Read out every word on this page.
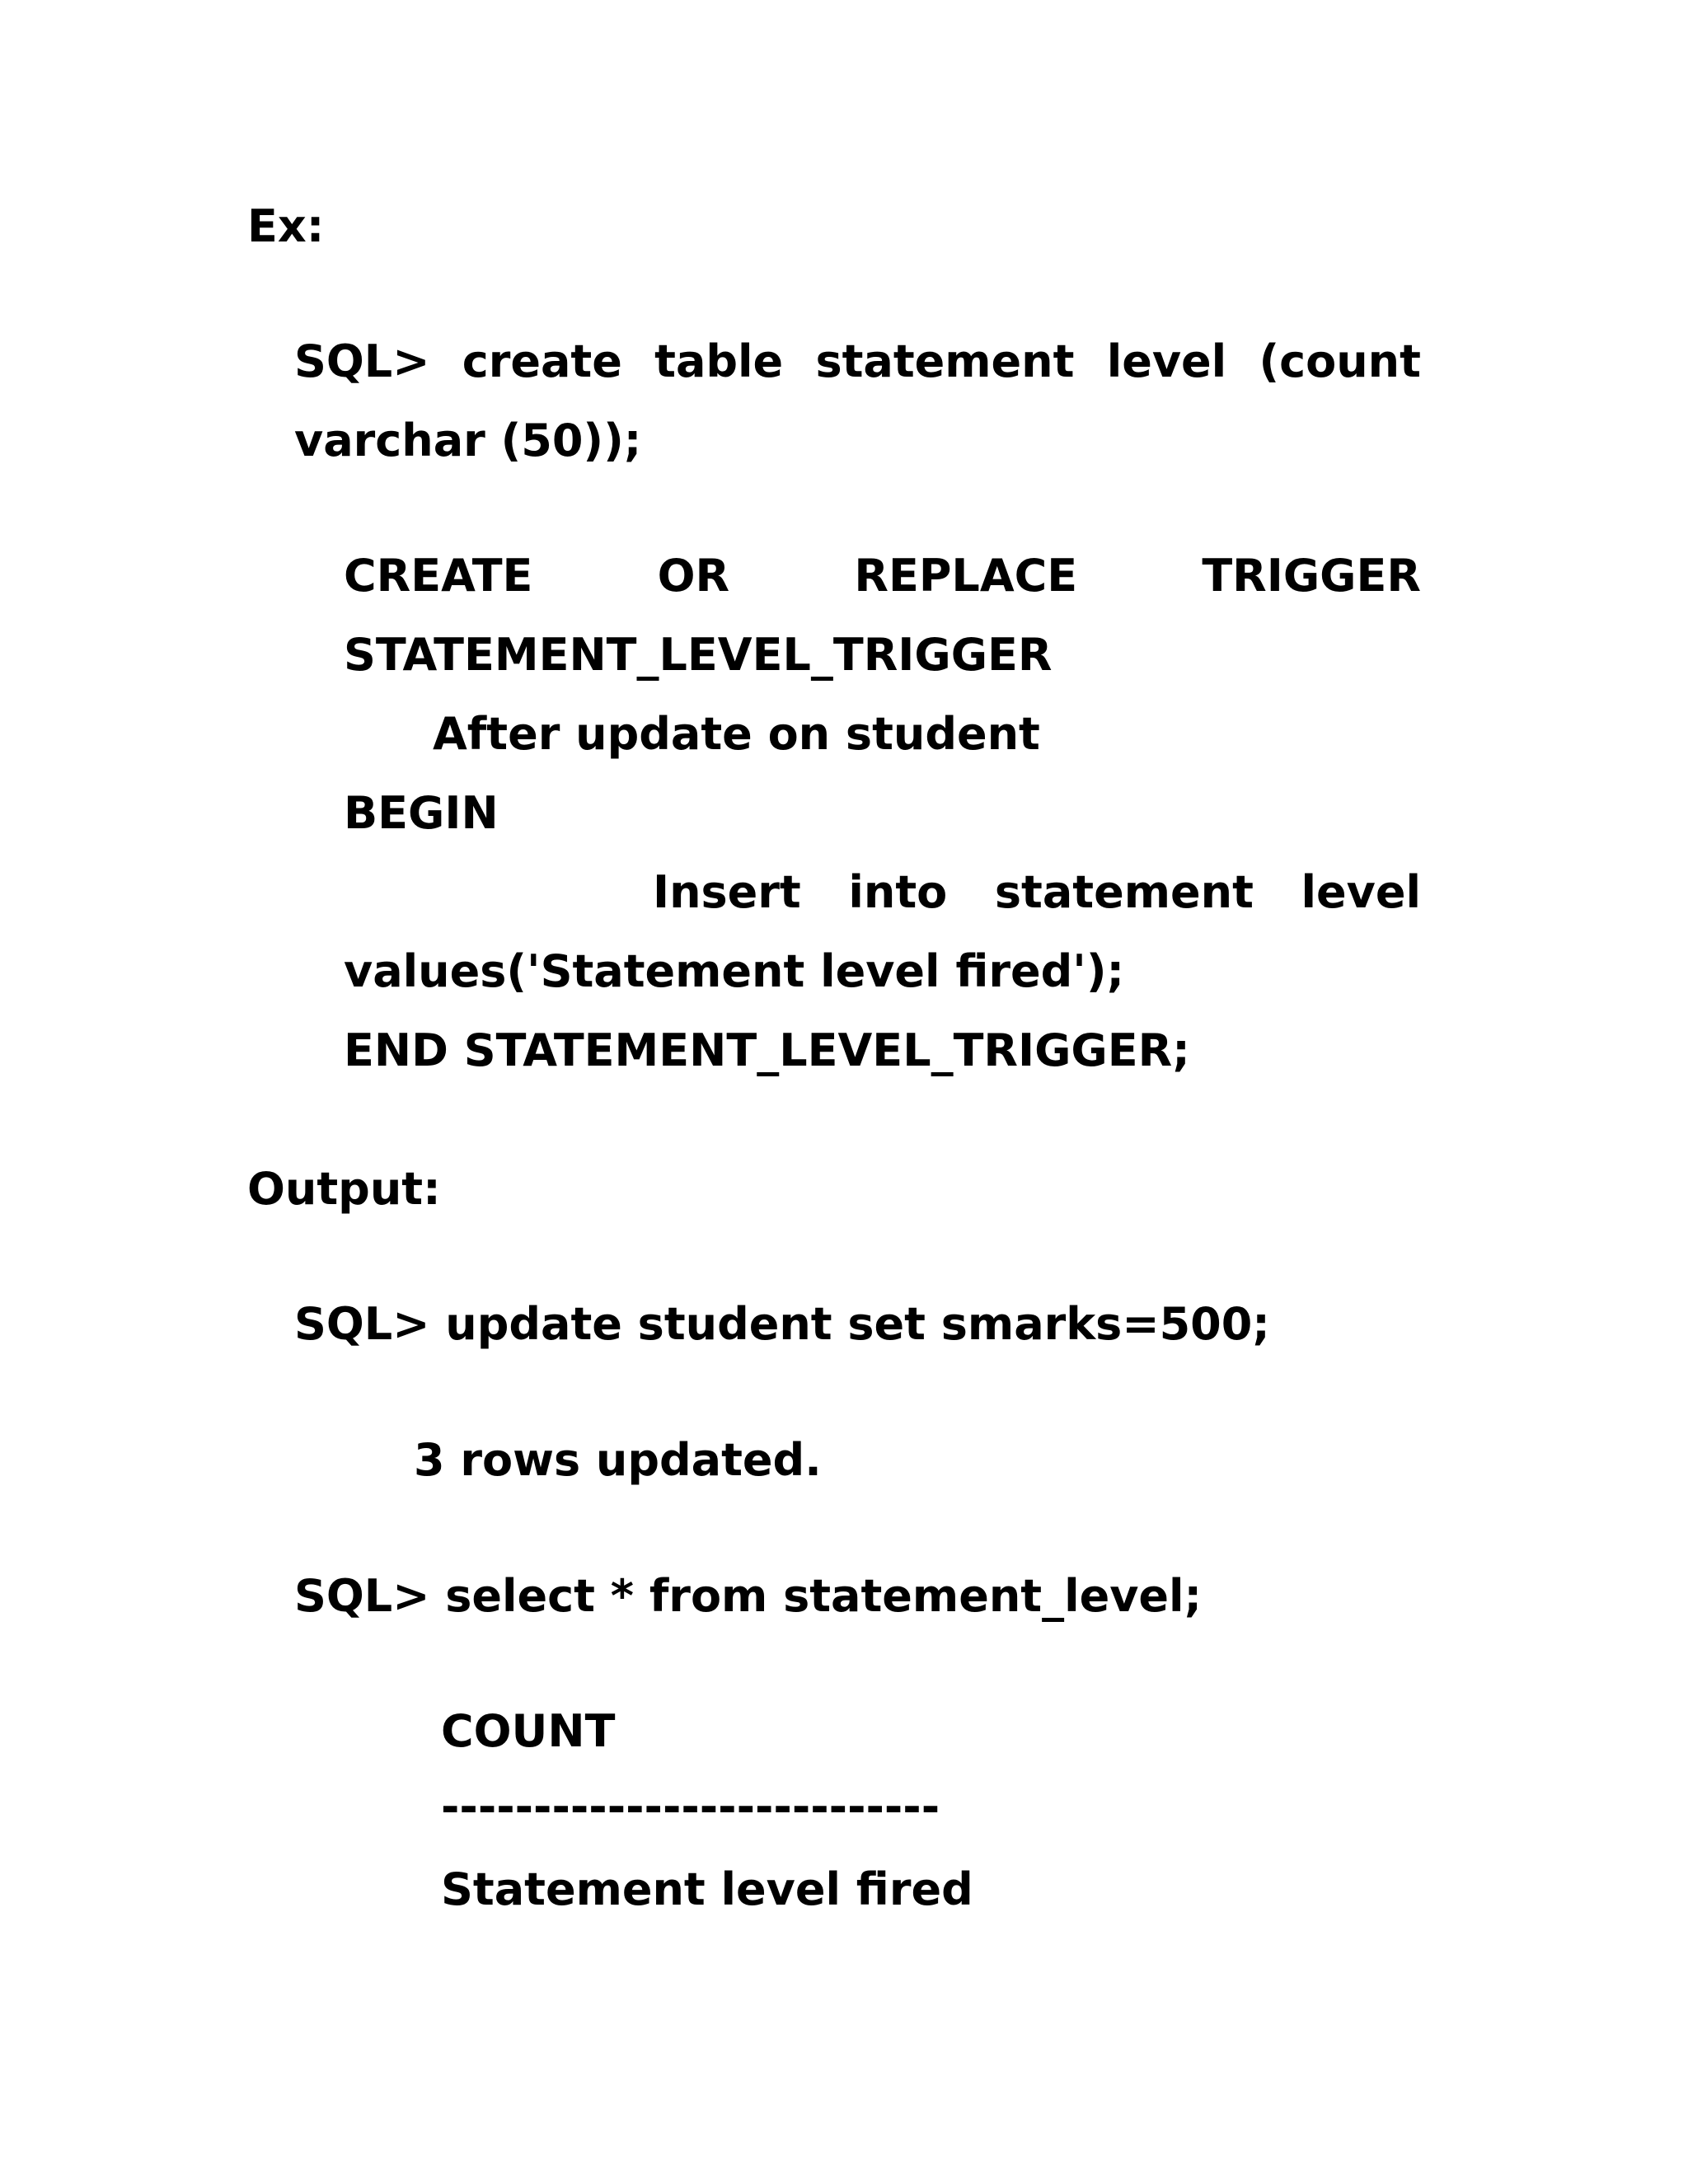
Ex:
SQL> create table statement level (count
varchar (50));
CREATE	OR	REPLACE	TRIGGER
STATEMENT_LEVEL_TRIGGER
After update on student
BEGIN
Insert into statement level
values('Statement level fired');
END STATEMENT_LEVEL_TRIGGER;
Output:
SQL> update student set smarks=500;
3 rows updated.
SQL> select * from statement_level;
COUNT
---------------------------
Statement level fired
